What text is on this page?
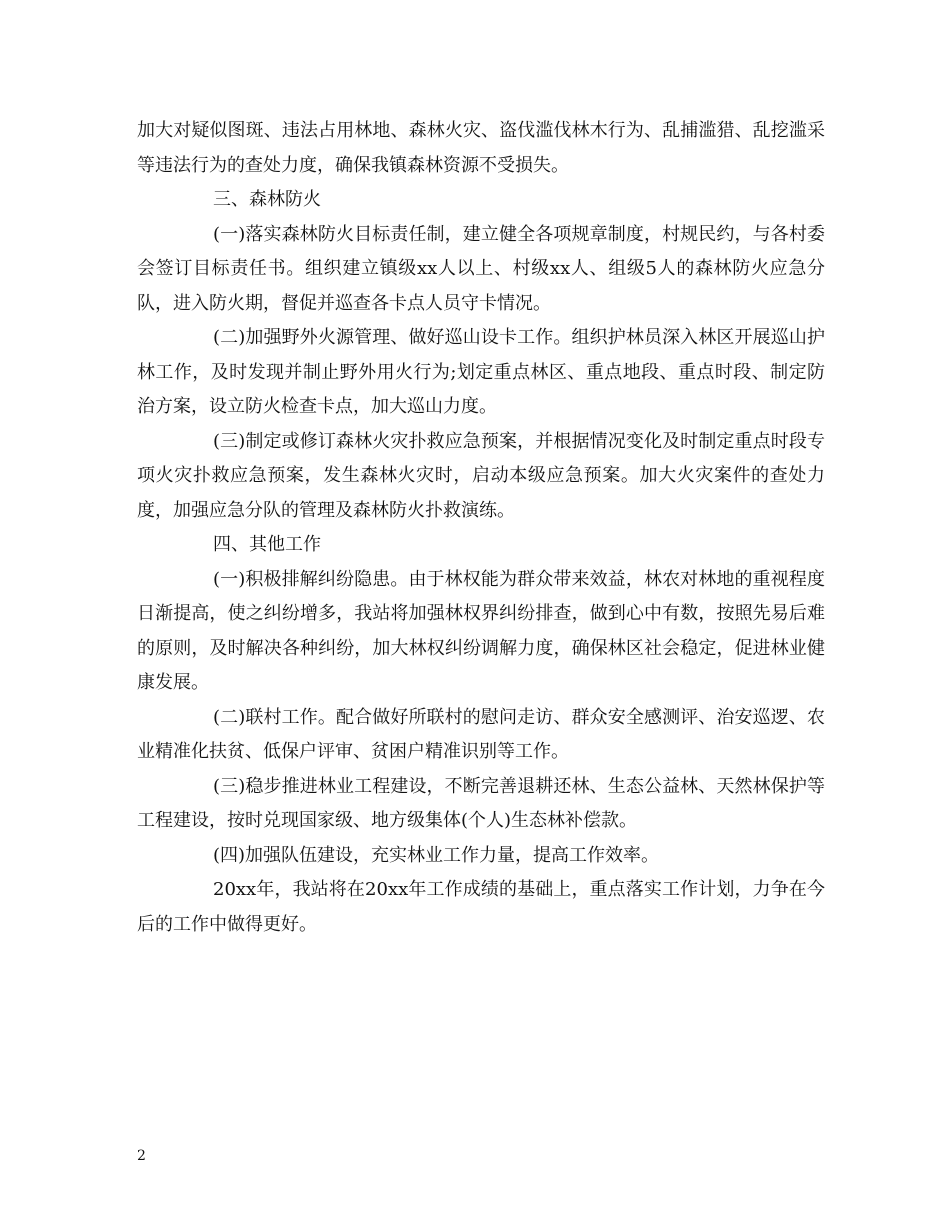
加大对疑似图斑、违法占用林地、森林火灾、盗伐滥伐林木行为、乱捕滥猎、乱挖滥采等违法行为的查处力度，确保我镇森林资源不受损失。

三、森林防火

(一)落实森林防火目标责任制，建立健全各项规章制度，村规民约，与各村委会签订目标责任书。组织建立镇级xx人以上、村级xx人、组级5人的森林防火应急分队，进入防火期，督促并巡查各卡点人员守卡情况。

(二)加强野外火源管理、做好巡山设卡工作。组织护林员深入林区开展巡山护林工作，及时发现并制止野外用火行为;划定重点林区、重点地段、重点时段、制定防治方案，设立防火检查卡点，加大巡山力度。

(三)制定或修订森林火灾扑救应急预案，并根据情况变化及时制定重点时段专项火灾扑救应急预案，发生森林火灾时，启动本级应急预案。加大火灾案件的查处力度，加强应急分队的管理及森林防火扑救演练。

四、其他工作

(一)积极排解纠纷隐患。由于林权能为群众带来效益，林农对林地的重视程度日渐提高，使之纠纷增多，我站将加强林权界纠纷排查，做到心中有数，按照先易后难的原则，及时解决各种纠纷，加大林权纠纷调解力度，确保林区社会稳定，促进林业健康发展。

(二)联村工作。配合做好所联村的慰问走访、群众安全感测评、治安巡逻、农业精准化扶贫、低保户评审、贫困户精准识别等工作。

(三)稳步推进林业工程建设，不断完善退耕还林、生态公益林、天然林保护等工程建设，按时兑现国家级、地方级集体(个人)生态林补偿款。

(四)加强队伍建设，充实林业工作力量，提高工作效率。

20xx年，我站将在20xx年工作成绩的基础上，重点落实工作计划，力争在今后的工作中做得更好。

2
